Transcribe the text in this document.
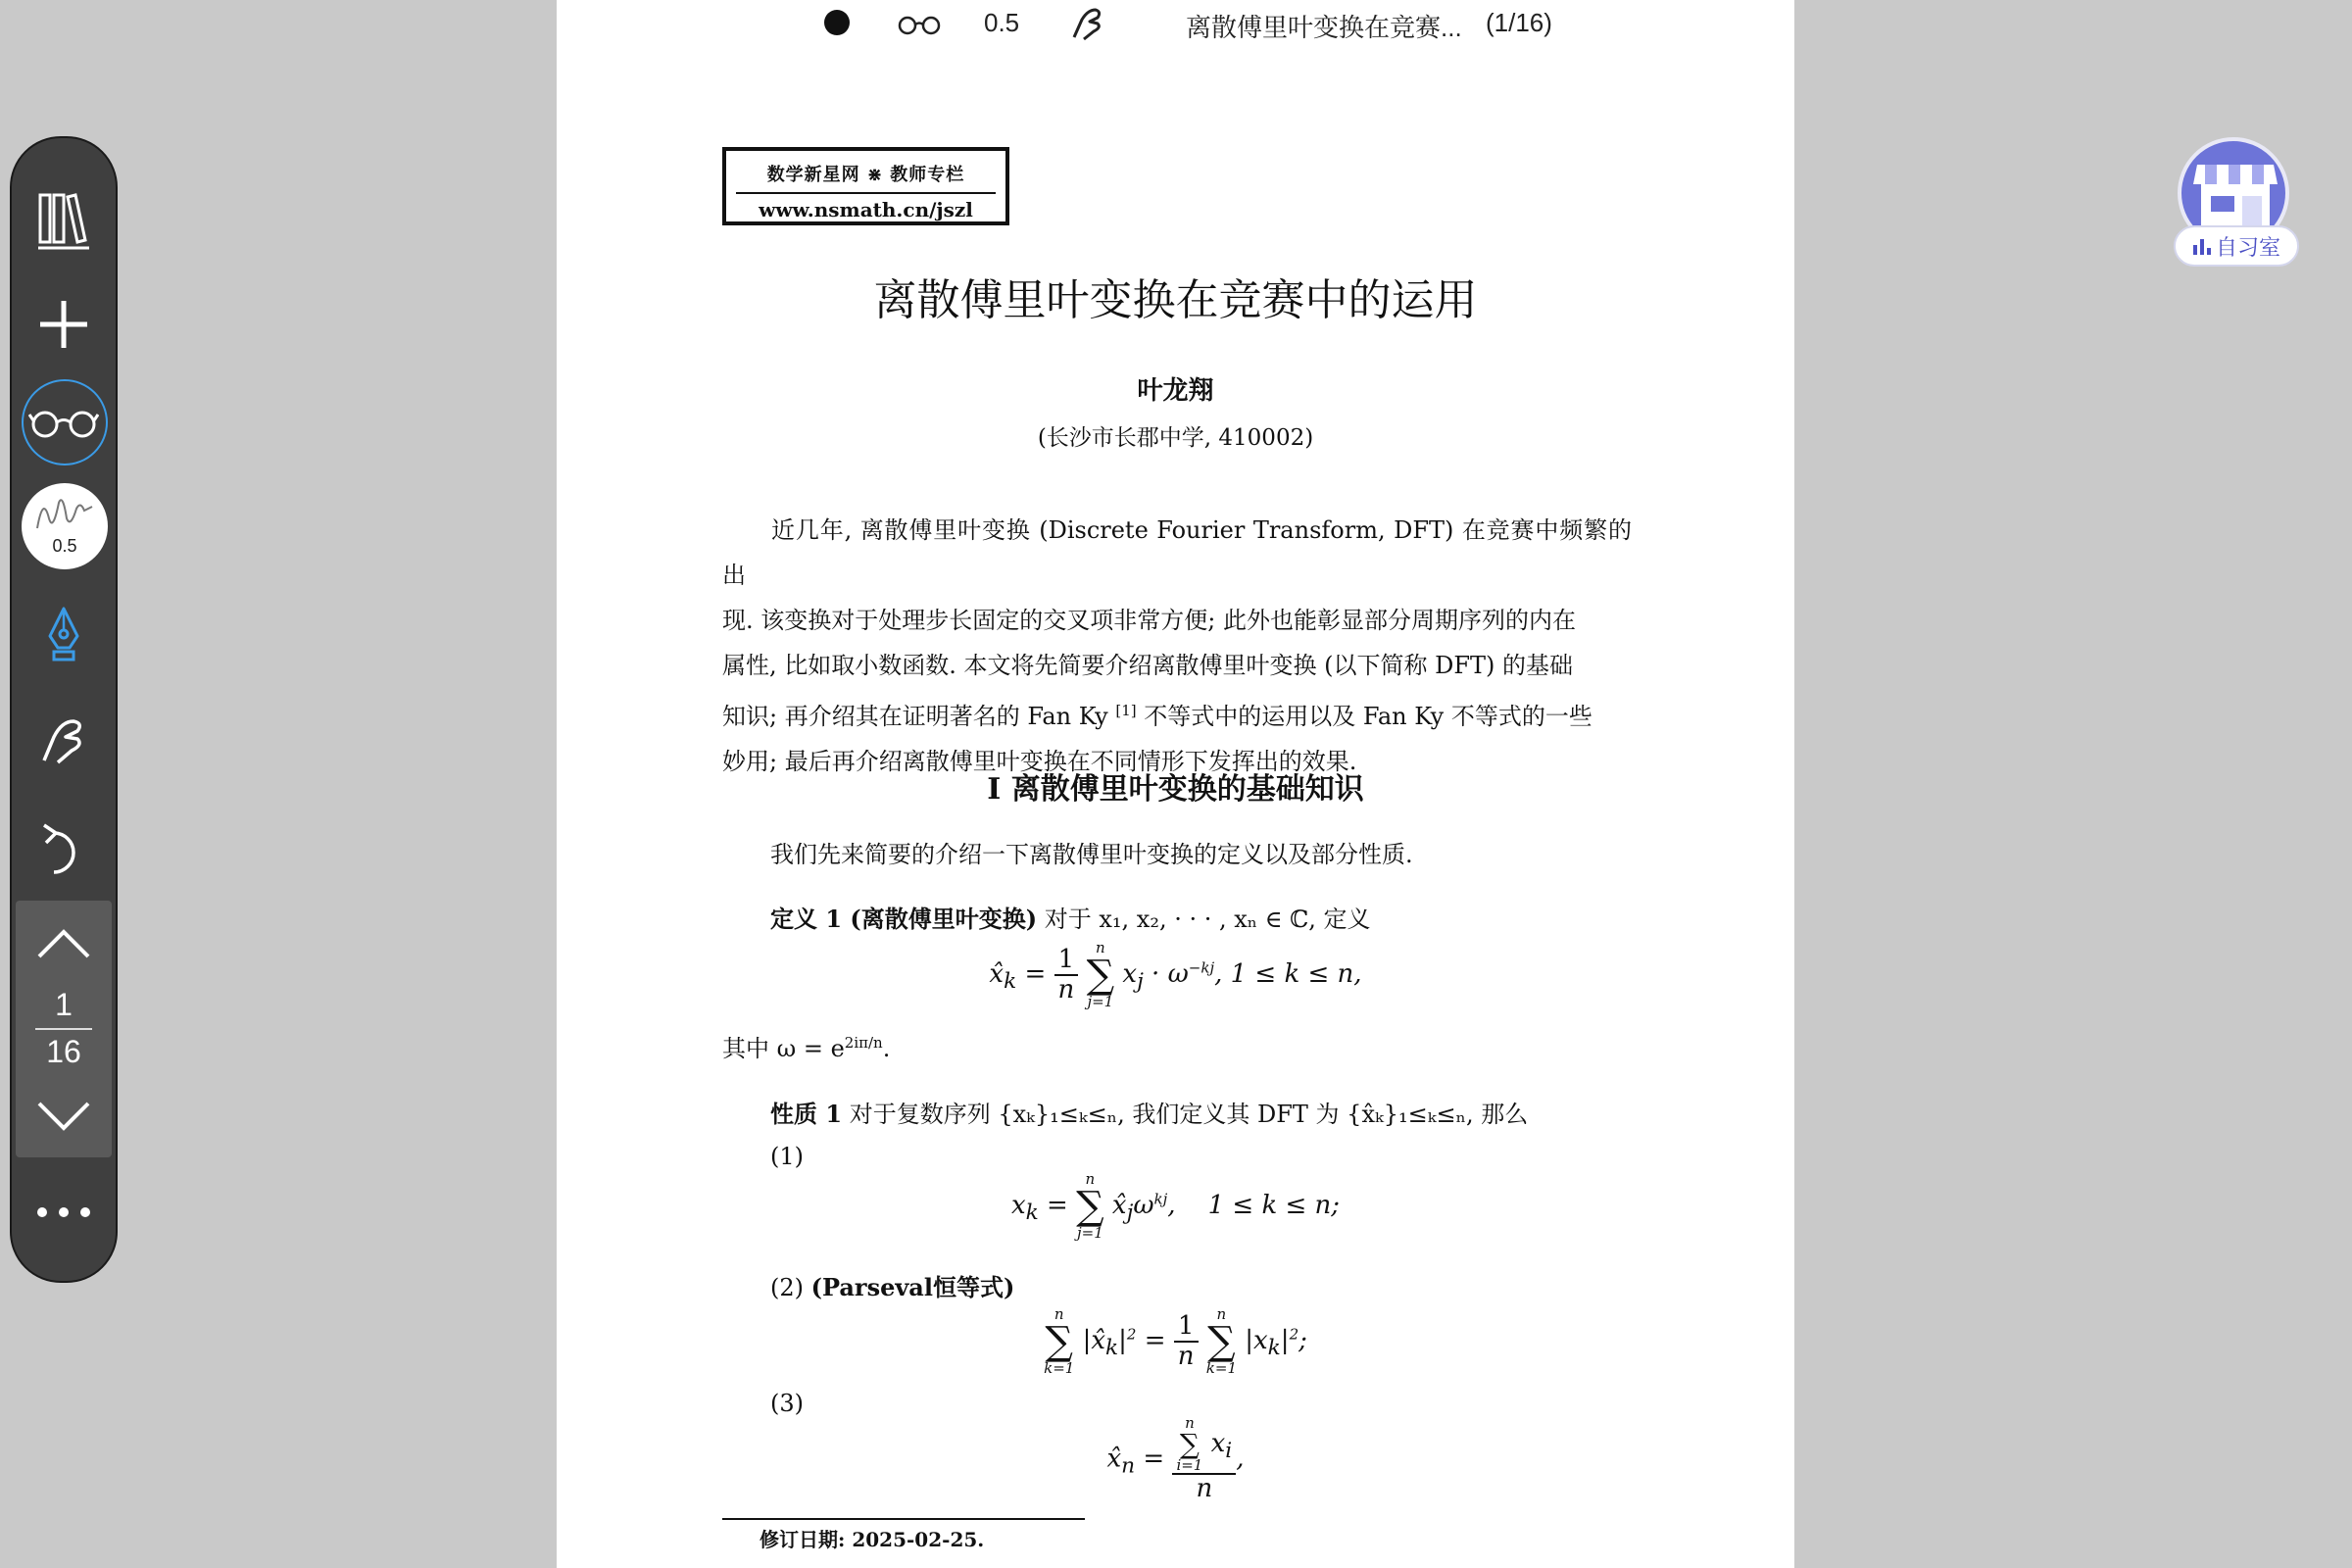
0.5	离散傅里叶变换在竞赛... (1/16)
数学新星网 ⋇ 教师专栏
www.nsmath.cn/jszl
离散傅里叶变换在竞赛中的运用
叶龙翔
(长沙市长郡中学, 410002)

近几年, 离散傅里叶变换 (Discrete Fourier Transform, DFT) 在竞赛中频繁的出

现. 该变换对于处理步长固定的交叉项非常方便; 此外也能彰显部分周期序列的内在

属性, 比如取小数函数. 本文将先简要介绍离散傅里叶变换 (以下简称 DFT) 的基础

知识; 再介绍其在证明著名的 Fan Ky [1] 不等式中的运用以及 Fan Ky 不等式的一些

妙用; 最后再介绍离散傅里叶变换在不同情形下发挥出的效果.

I 离散傅里叶变换的基础知识
我们先来简要的介绍一下离散傅里叶变换的定义以及部分性质.
定义 1 (离散傅里叶变换) 对于 x₁, x₂, · · · , xₙ ∈ ℂ, 定义
$x̂_k = \frac{1}{n}$
	n
∑
j=1
$x_j \cdot \omega^{-kj}$, 1 ≤ k ≤ n,
其中 $\omega = e^{2i\pi/n}$.
性质 1 对于复数序列 {xₖ}₁≤ₖ≤ₙ, 我们定义其 DFT 为 {x̂ₖ}₁≤ₖ≤ₙ, 那么
(1)
$x_k$ =
n
∑
j=1
$x̂_j\omega^{kj}$,    1 ≤ k ≤ n;
(2) (Parseval恒等式)
n
∑
k=1
$|x̂_k|^2 = \frac{1}{n}$
	n
∑
k=1
$|x_k|^2$;
(3)
$x̂_n = n$
∑
i=1
$x_i$
n ,
修订日期: 2025-02-25.
0.5
1
16
自习室
